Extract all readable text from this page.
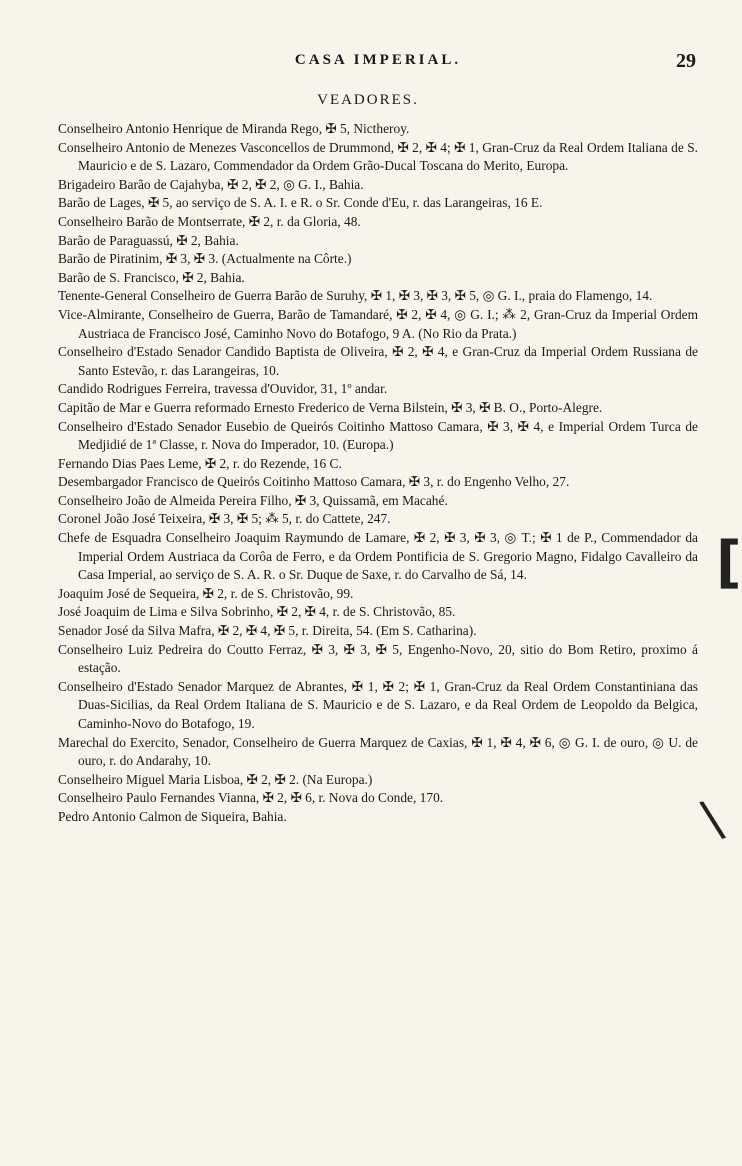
CASA IMPERIAL.	29
VEADORES.
Conselheiro Antonio Henrique de Miranda Rego, ✠ 5, Nictheroy.
Conselheiro Antonio de Menezes Vasconcellos de Drummond, ✠ 2, ✠ 4; ✠ 1, Gran-Cruz da Real Ordem Italiana de S. Mauricio e de S. Lazaro, Commendador da Ordem Grão-Ducal Toscana do Merito, Europa.
Brigadeiro Barão de Cajahyba, ✠ 2, ✠ 2, ◎ G. I., Bahia.
Barão de Lages, ✠ 5, ao serviço de S. A. I. e R. o Sr. Conde d'Eu, r. das Larangeiras, 16 E.
Conselheiro Barão de Montserrate, ✠ 2, r. da Gloria, 48.
Barão de Paraguassú, ✠ 2, Bahia.
Barão de Piratinim, ✠ 3, ✠ 3. (Actualmente na Côrte.)
Barão de S. Francisco, ✠ 2, Bahia.
Tenente-General Conselheiro de Guerra Barão de Suruhy, ✠ 1, ✠ 3, ✠ 3, ✠ 5, ◎ G. I., praia do Flamengo, 14.
Vice-Almirante, Conselheiro de Guerra, Barão de Tamandaré, ✠ 2, ✠ 4, ◎ G. I.; ⁂ 2, Gran-Cruz da Imperial Ordem Austriaca de Francisco José, Caminho Novo do Botafogo, 9 A. (No Rio da Prata.)
Conselheiro d'Estado Senador Candido Baptista de Oliveira, ✠ 2, ✠ 4, e Gran-Cruz da Imperial Ordem Russiana de Santo Estevão, r. das Larangeiras, 10.
Candido Rodrigues Ferreira, travessa d'Ouvidor, 31, 1º andar.
Capitão de Mar e Guerra reformado Ernesto Frederico de Verna Bilstein, ✠ 3, ✠ B. O., Porto-Alegre.
Conselheiro d'Estado Senador Eusebio de Queirós Coitinho Mattoso Camara, ✠ 3, ✠ 4, e Imperial Ordem Turca de Medjidié de 1ª Classe, r. Nova do Imperador, 10. (Europa.)
Fernando Dias Paes Leme, ✠ 2, r. do Rezende, 16 C.
Desembargador Francisco de Queirós Coitinho Mattoso Camara, ✠ 3, r. do Engenho Velho, 27.
Conselheiro João de Almeida Pereira Filho, ✠ 3, Quissamã, em Macahé.
Coronel João José Teixeira, ✠ 3, ✠ 5; ⁂ 5, r. do Cattete, 247.
Chefe de Esquadra Conselheiro Joaquim Raymundo de Lamare, ✠ 2, ✠ 3, ✠ 3, ◎ T.; ✠ 1 de P., Commendador da Imperial Ordem Austriaca da Corôa de Ferro, e da Ordem Pontificia de S. Gregorio Magno, Fidalgo Cavalleiro da Casa Imperial, ao serviço de S. A. R. o Sr. Duque de Saxe, r. do Carvalho de Sá, 14.
Joaquim José de Sequeira, ✠ 2, r. de S. Christovão, 99.
José Joaquim de Lima e Silva Sobrinho, ✠ 2, ✠ 4, r. de S. Christovão, 85.
Senador José da Silva Mafra, ✠ 2, ✠ 4, ✠ 5, r. Direita, 54. (Em S. Catharina).
Conselheiro Luiz Pedreira do Coutto Ferraz, ✠ 3, ✠ 3, ✠ 5, Engenho-Novo, 20, sitio do Bom Retiro, proximo á estação.
Conselheiro d'Estado Senador Marquez de Abrantes, ✠ 1, ✠ 2; ✠ 1, Gran-Cruz da Real Ordem Constantiniana das Duas-Sicilias, da Real Ordem Italiana de S. Mauricio e de S. Lazaro, e da Real Ordem de Leopoldo da Belgica, Caminho-Novo do Botafogo, 19.
Marechal do Exercito, Senador, Conselheiro de Guerra Marquez de Caxias, ✠ 1, ✠ 4, ✠ 6, ◎ G. I. de ouro, ◎ U. de ouro, r. do Andarahy, 10.
Conselheiro Miguel Maria Lisboa, ✠ 2, ✠ 2. (Na Europa.)
Conselheiro Paulo Fernandes Vianna, ✠ 2, ✠ 6, r. Nova do Conde, 170.
Pedro Antonio Calmon de Siqueira, Bahia.
[
\
